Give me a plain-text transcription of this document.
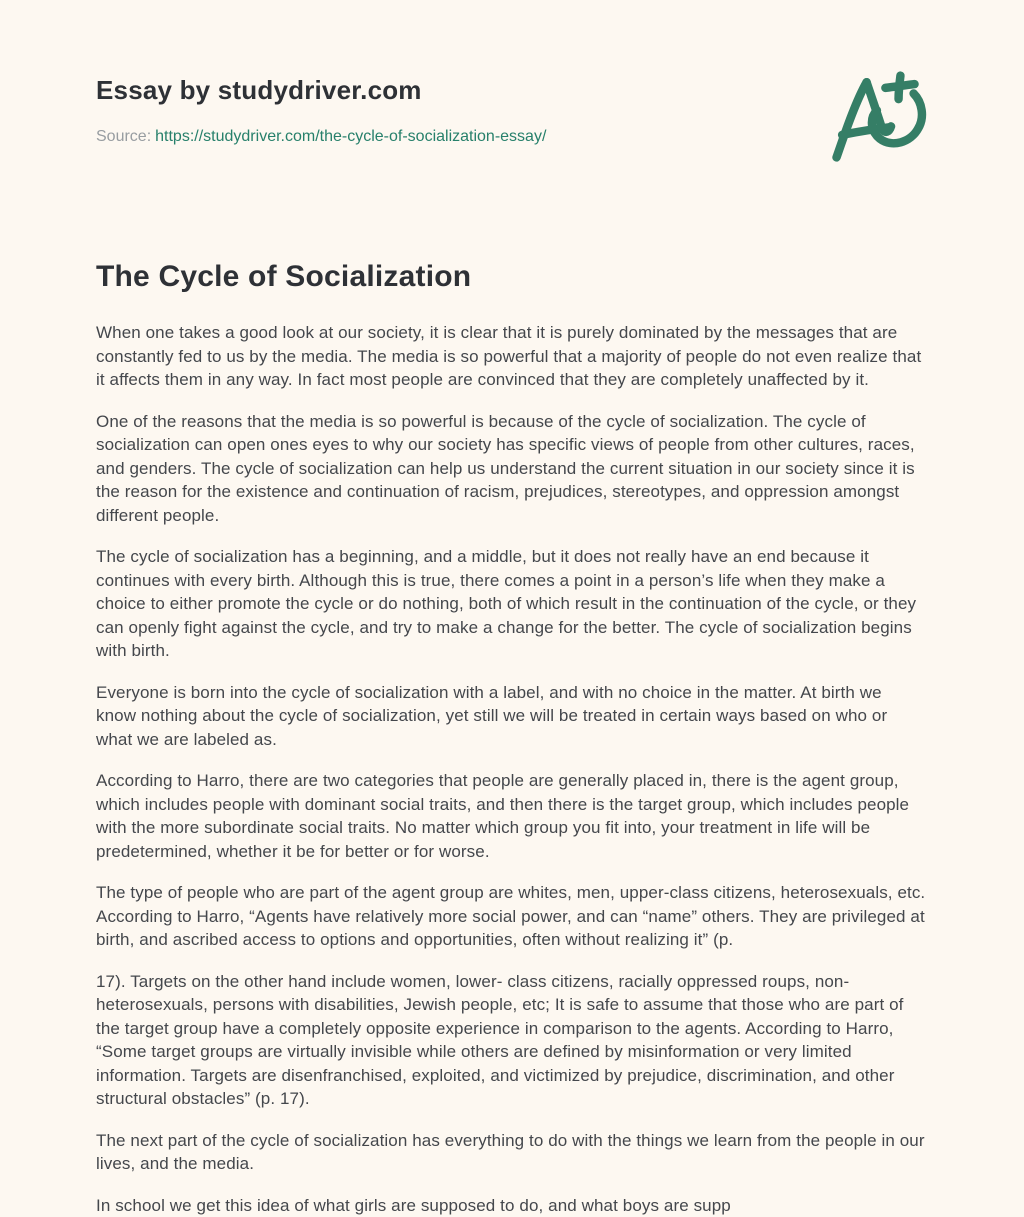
Essay by studydriver.com

Source: https://studydriver.com/the-cycle-of-socialization-essay/

The Cycle of Socialization

When one takes a good look at our society, it is clear that it is purely dominated by the messages that are constantly fed to us by the media. The media is so powerful that a majority of people do not even realize that it affects them in any way. In fact most people are convinced that they are completely unaffected by it.

One of the reasons that the media is so powerful is because of the cycle of socialization. The cycle of socialization can open ones eyes to why our society has specific views of people from other cultures, races, and genders. The cycle of socialization can help us understand the current situation in our society since it is the reason for the existence and continuation of racism, prejudices, stereotypes, and oppression amongst different people.

The cycle of socialization has a beginning, and a middle, but it does not really have an end because it continues with every birth. Although this is true, there comes a point in a person’s life when they make a choice to either promote the cycle or do nothing, both of which result in the continuation of the cycle, or they can openly fight against the cycle, and try to make a change for the better. The cycle of socialization begins with birth.

Everyone is born into the cycle of socialization with a label, and with no choice in the matter. At birth we know nothing about the cycle of socialization, yet still we will be treated in certain ways based on who or what we are labeled as.

According to Harro, there are two categories that people are generally placed in, there is the agent group, which includes people with dominant social traits, and then there is the target group, which includes people with the more subordinate social traits. No matter which group you fit into, your treatment in life will be predetermined, whether it be for better or for worse.

The type of people who are part of the agent group are whites, men, upper-class citizens, heterosexuals, etc. According to Harro, “Agents have relatively more social power, and can “name” others. They are privileged at birth, and ascribed access to options and opportunities, often without realizing it” (p.

17). Targets on the other hand include women, lower- class citizens, racially oppressed roups, non-heterosexuals, persons with disabilities, Jewish people, etc; It is safe to assume that those who are part of the target group have a completely opposite experience in comparison to the agents. According to Harro, “Some target groups are virtually invisible while others are defined by misinformation or very limited information. Targets are disenfranchised, exploited, and victimized by prejudice, discrimination, and other structural obstacles” (p. 17).

The next part of the cycle of socialization has everything to do with the things we learn from the people in our lives, and the media.

In school we get this idea of what girls are supposed to do, and what boys are supp
